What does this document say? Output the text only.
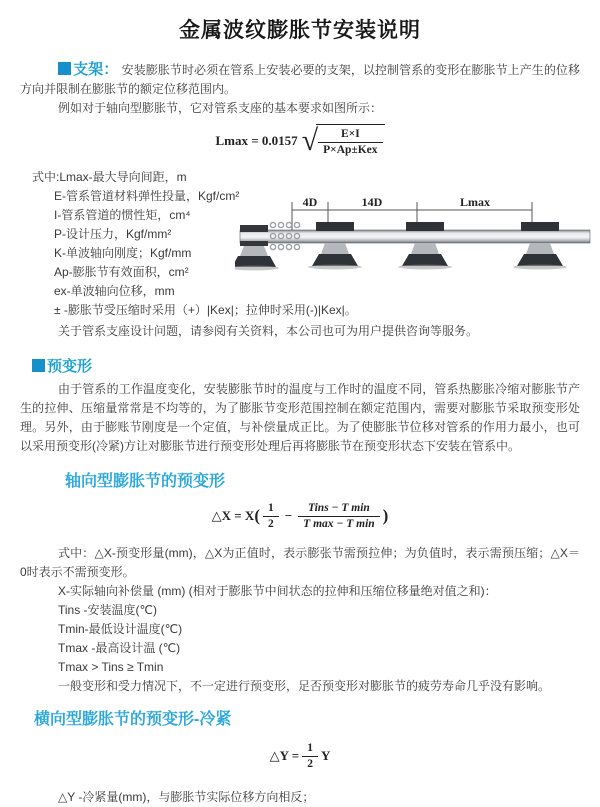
金属波纹膨胀节安装说明

支架： 安装膨胀节时必须在管系上安装必要的支架，以控制管系的变形在膨胀节上产生的位移方向并限制在膨胀节的额定位移范围内。

例如对于轴向型膨胀节，它对管系支座的基本要求如图所示：

Lmax = 0.0157 √ $\frac{E\times I}{\text{P×Ap±Kex}}$
式中:Lmax-最大导向间距，m
E-管系管道材料弹性投量，Kgf/cm²
I-管系管道的惯性矩，cm⁴
P-设计压力，Kgf/mm²
K-单波轴向刚度；Kgf/mm
Ap-膨胀节有效面积，cm²
ex-单波轴向位移，mm
4D	14D	Lmax
± -膨胀节受压缩时采用（+）|Kex|；拉伸时采用(-)|Kex|。
关于管系支座设计问题，请参阅有关资料，本公司也可为用户提供咨询等服务。
预变形

由于管系的工作温度变化，安装膨胀节时的温度与工作时的温度不同，管系热膨胀冷缩对膨胀节产生的拉伸、压缩量常常是不均等的，为了膨胀节变形范围控制在额定范围内，需要对膨胀节采取预变形处理。另外，由于膨账节刚度是一个定值，与补偿量成正比。为了使膨胀节位移对管系的作用力最小，也可以采用预变形(冷紧)方让对膨胀节进行预变形处理后再将膨胀节在预变形状态下安装在管系中。

轴向型膨胀节的预变形
△X = X ( $\frac{1}{2} - \frac{\text{Tins − T min}}{\text{T max − T min}}$ )

式中：△X-预变形量(mm)，△X为正值时，表示膨张节需预拉伸；为负值时，表示需预压缩；△X＝0时表示不需预变形。

X-实际轴向补偿量 (mm) (相对于膨胀节中间状态的拉伸和压缩位移量绝对值之和)：
Tins -安装温度(℃)
Tmin-最低设计温度(℃)
Tmax -最高设计温 (℃)
Tmax > Tins ≥ Tmin
一般变形和受力情况下，不一定进行预变形，足否预变形对膨胀节的疲劳寿命几乎没有影响。
横向型膨胀节的预变形-冷紧
△Y = $\frac{1}{2}$ Y
△Y -冷紧量(mm)，与膨胀节实际位移方向相反；
